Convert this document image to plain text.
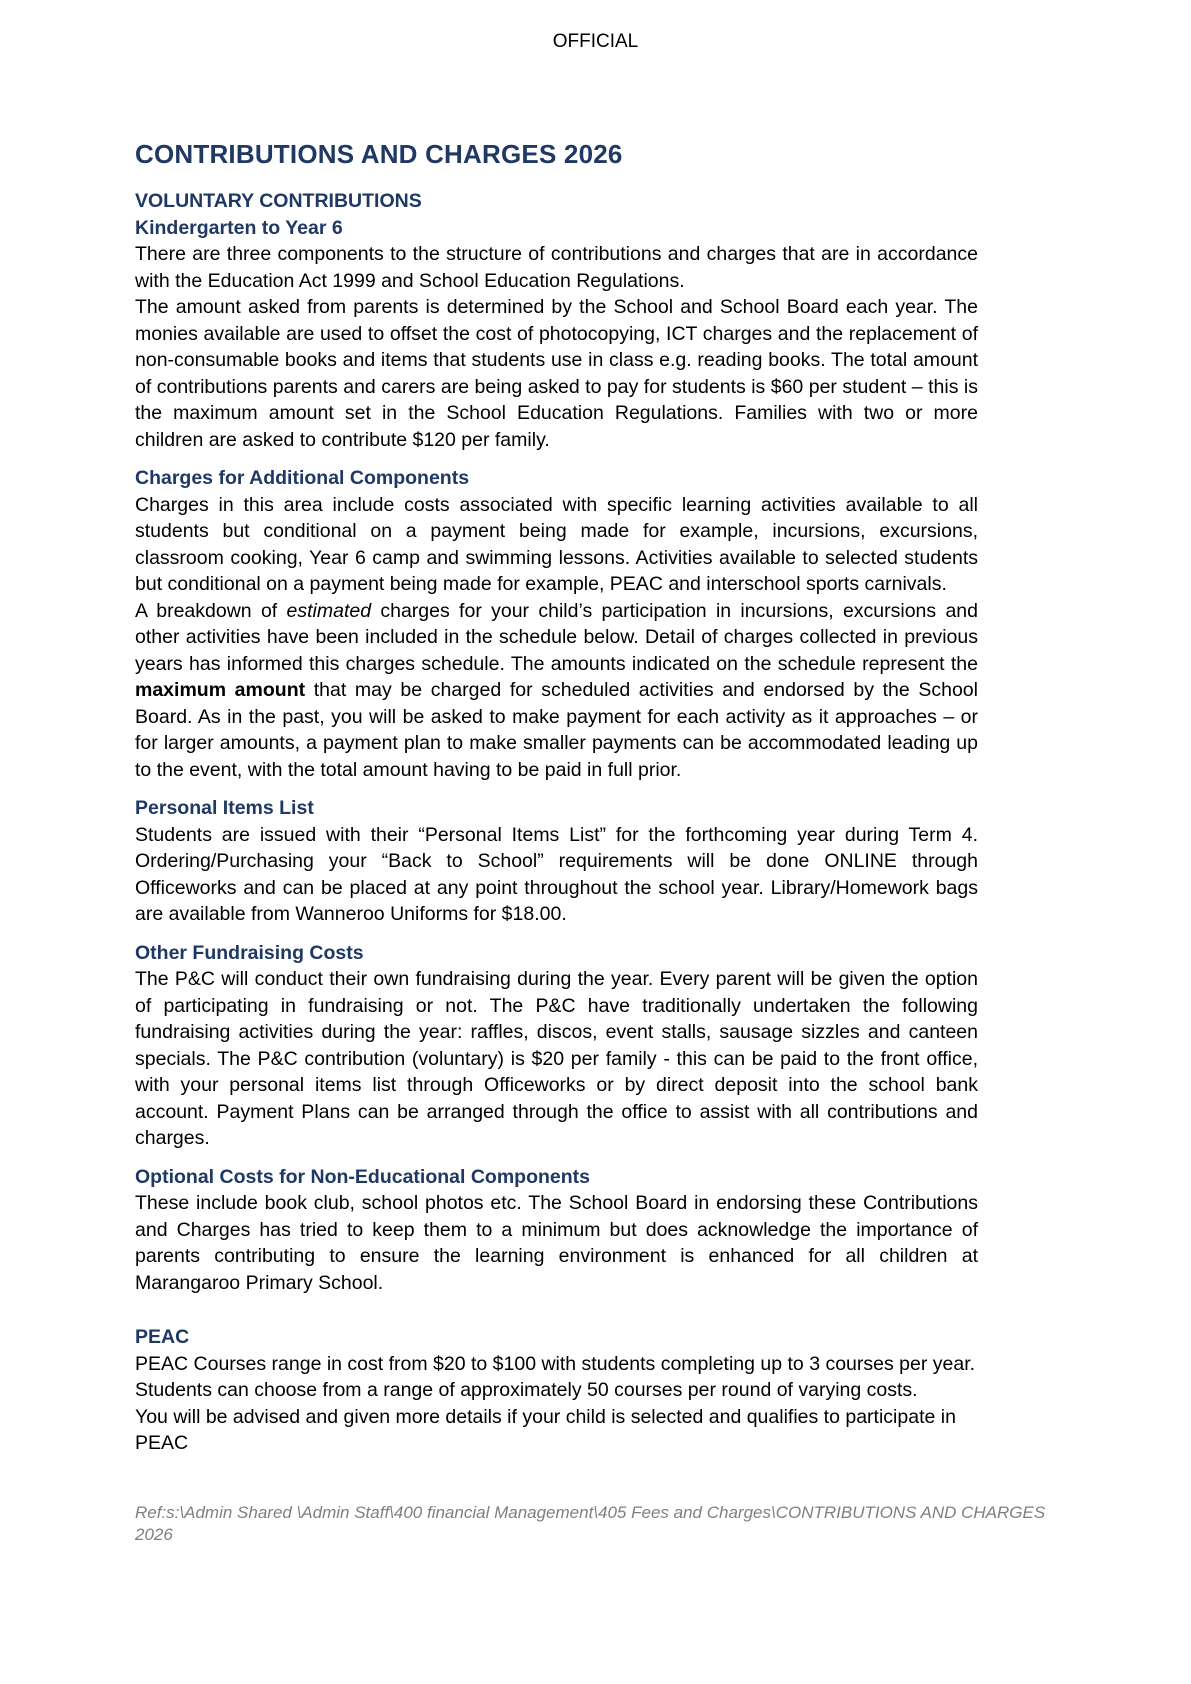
OFFICIAL
CONTRIBUTIONS AND CHARGES 2026
VOLUNTARY CONTRIBUTIONS
Kindergarten to Year 6

There are three components to the structure of contributions and charges that are in accordance with the Education Act 1999 and School Education Regulations.

The amount asked from parents is determined by the School and School Board each year. The monies available are used to offset the cost of photocopying, ICT charges and the replacement of non-consumable books and items that students use in class e.g. reading books. The total amount of contributions parents and carers are being asked to pay for students is $60 per student – this is the maximum amount set in the School Education Regulations. Families with two or more children are asked to contribute $120 per family.

Charges for Additional Components

Charges in this area include costs associated with specific learning activities available to all students but conditional on a payment being made for example, incursions, excursions, classroom cooking, Year 6 camp and swimming lessons. Activities available to selected students but conditional on a payment being made for example, PEAC and interschool sports carnivals.

A breakdown of estimated charges for your child’s participation in incursions, excursions and other activities have been included in the schedule below. Detail of charges collected in previous years has informed this charges schedule. The amounts indicated on the schedule represent the maximum amount that may be charged for scheduled activities and endorsed by the School Board. As in the past, you will be asked to make payment for each activity as it approaches – or for larger amounts, a payment plan to make smaller payments can be accommodated leading up to the event, with the total amount having to be paid in full prior.

Personal Items List

Students are issued with their “Personal Items List” for the forthcoming year during Term 4. Ordering/Purchasing your “Back to School” requirements will be done ONLINE through Officeworks and can be placed at any point throughout the school year. Library/Homework bags are available from Wanneroo Uniforms for $18.00.

Other Fundraising Costs

The P&C will conduct their own fundraising during the year. Every parent will be given the option of participating in fundraising or not. The P&C have traditionally undertaken the following fundraising activities during the year: raffles, discos, event stalls, sausage sizzles and canteen specials. The P&C contribution (voluntary) is $20 per family - this can be paid to the front office, with your personal items list through Officeworks or by direct deposit into the school bank account. Payment Plans can be arranged through the office to assist with all contributions and charges.

Optional Costs for Non-Educational Components

These include book club, school photos etc. The School Board in endorsing these Contributions and Charges has tried to keep them to a minimum but does acknowledge the importance of parents contributing to ensure the learning environment is enhanced for all children at Marangaroo Primary School.

PEAC

PEAC Courses range in cost from $20 to $100 with students completing up to 3 courses per year.

Students can choose from a range of approximately 50 courses per round of varying costs.

You will be advised and given more details if your child is selected and qualifies to participate in PEAC

Ref:s:\Admin Shared \Admin Staff\400 financial Management\405 Fees and Charges\CONTRIBUTIONS AND CHARGES 2026
